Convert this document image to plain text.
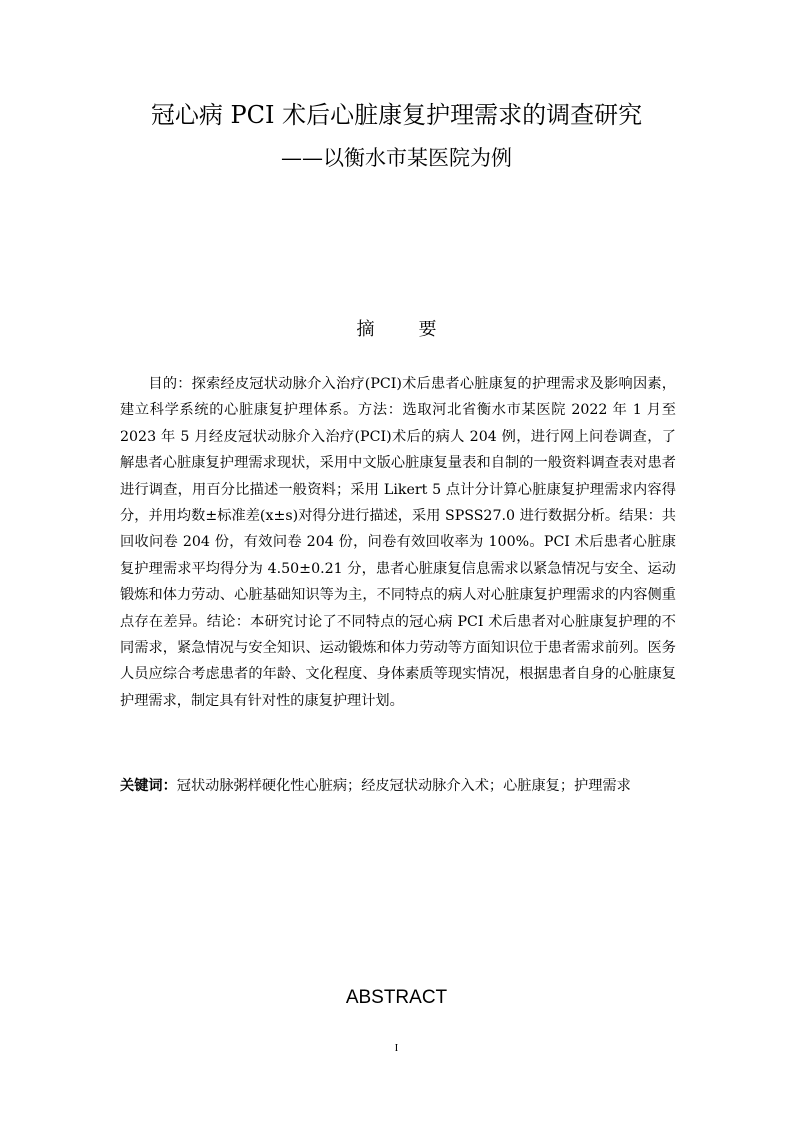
冠心病 PCI 术后心脏康复护理需求的调查研究
——以衡水市某医院为例
摘要

目的：探索经皮冠状动脉介入治疗(PCI)术后患者心脏康复的护理需求及影响因素，建立科学系统的心脏康复护理体系。方法：选取河北省衡水市某医院 2022 年 1 月至 2023 年 5 月经皮冠状动脉介入治疗(PCI)术后的病人 204 例，进行网上问卷调查，了解患者心脏康复护理需求现状，采用中文版心脏康复量表和自制的一般资料调查表对患者进行调查，用百分比描述一般资料；采用 Likert 5 点计分计算心脏康复护理需求内容得分，并用均数±标准差(x±s)对得分进行描述，采用 SPSS27.0 进行数据分析。结果：共回收问卷 204 份，有效问卷 204 份，问卷有效回收率为 100%。PCI 术后患者心脏康复护理需求平均得分为 4.50±0.21 分，患者心脏康复信息需求以紧急情况与安全、运动锻炼和体力劳动、心脏基础知识等为主，不同特点的病人对心脏康复护理需求的内容侧重点存在差异。结论：本研究讨论了不同特点的冠心病 PCI 术后患者对心脏康复护理的不同需求，紧急情况与安全知识、运动锻炼和体力劳动等方面知识位于患者需求前列。医务人员应综合考虑患者的年龄、文化程度、身体素质等现实情况，根据患者自身的心脏康复护理需求，制定具有针对性的康复护理计划。

关键词：冠状动脉粥样硬化性心脏病；经皮冠状动脉介入术；心脏康复；护理需求

ABSTRACT
I
